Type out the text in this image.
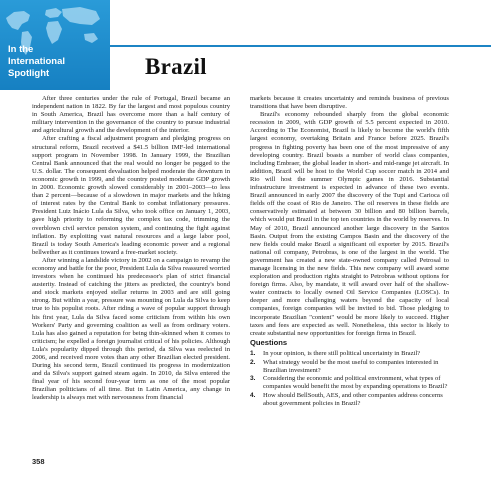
In the
International
Spotlight	Brazil

After three centuries under the rule of Portugal, Brazil became an independent nation in 1822. By far the largest and most populous country in South America, Brazil has overcome more than a half century of military intervention in the governance of the country to pursue industrial and agricultural growth and the development of the interior.

After crafting a fiscal adjustment program and pledging progress on structural reform, Brazil received a $41.5 billion IMF-led international support program in November 1998. In January 1999, the Brazilian Central Bank announced that the real would no longer be pegged to the U.S. dollar. The consequent devaluation helped moderate the downturn in economic growth in 1999, and the country posted moderate GDP growth in 2000. Economic growth slowed considerably in 2001–2003—to less than 2 percent—because of a slowdown in major markets and the hiking of interest rates by the Central Bank to combat inflationary pressures. President Luiz Inácio Lula da Silva, who took office on January 1, 2003, gave high priority to reforming the complex tax code, trimming the overblown civil service pension system, and continuing the fight against inflation. By exploiting vast natural resources and a large labor pool, Brazil is today South America's leading economic power and a regional bellwether as it continues toward a free-market society.

After winning a landslide victory in 2002 on a campaign to revamp the economy and battle for the poor, President Lula da Silva reassured worried investors when he continued his predecessor's plan of strict financial austerity. Instead of catching the jitters as predicted, the country's bond and stock markets enjoyed stellar returns in 2003 and are still going strong. But within a year, pressure was mounting on Lula da Silva to keep true to his populist roots. After riding a wave of popular support through his first year, Lula da Silva faced some criticism from within his own Workers' Party and governing coalition as well as from ordinary voters. Lula has also gained a reputation for being thin-skinned when it comes to criticism; he expelled a foreign journalist critical of his policies. Although Lula's popularity dipped through this period, da Silva was reelected in 2006, and received more votes than any other Brazilian elected president. During his second term, Brazil continued its progress in modernization and da Silva's support gained steam again. In 2010, da Silva entered the final year of his second four-year term as one of the most popular Brazilian politicians of all time. But in Latin America, any change in leadership is always met with nervousness from financial

markets because it creates uncertainty and reminds business of previous transitions that have been disruptive.

Brazil's economy rebounded sharply from the global economic recession in 2009, with GDP growth of 5.5 percent expected in 2010. According to The Economist, Brazil is likely to become the world's fifth largest economy, overtaking Britain and France before 2025. Brazil's progress in fighting poverty has been one of the most impressive of any developing country. Brazil boasts a number of world class companies, including Embraer, the global leader in short- and mid-range jet aircraft. In addition, Brazil will be host to the World Cup soccer match in 2014 and Rio will host the summer Olympic games in 2016. Substantial infrastructure investment is expected in advance of these two events. Brazil announced in early 2007 the discovery of the Tupi and Carioca oil fields off the coast of Rio de Janeiro. The oil reserves in these fields are conservatively estimated at between 30 billion and 80 billion barrels, which would put Brazil in the top ten countries in the world by reserves. In May of 2010, Brazil announced another large discovery in the Santos Basin. Output from the existing Campos Basin and the discovery of the new fields could make Brazil a significant oil exporter by 2015. Brazil's national oil company, Petrobras, is one of the largest in the world. The government has created a new state-owned company called Petrosal to manage licensing in the new fields. This new company will award some exploration and production rights straight to Petrobras without options for foreign firms. Also, by mandate, it will award over half of the shallow-water contracts to locally owned Oil Service Companies (LOSCs). In deeper and more challenging waters beyond the capacity of local companies, foreign companies will be invited to bid. Those pledging to incorporate Brazilian "content" would be more likely to succeed. Higher taxes and fees are expected as well. Nonetheless, this sector is likely to create substantial new opportunities for foreign firms in Brazil.

Questions
1.	In your opinion, is there still political uncertainty in Brazil?
2.	What strategy would be the most useful to companies interested in Brazilian investment?
3.	Considering the economic and political environment, what types of companies would benefit the most by expanding operations to Brazil?
4.	How should BellSouth, AES, and other companies address concerns about government policies in Brazil?
358
